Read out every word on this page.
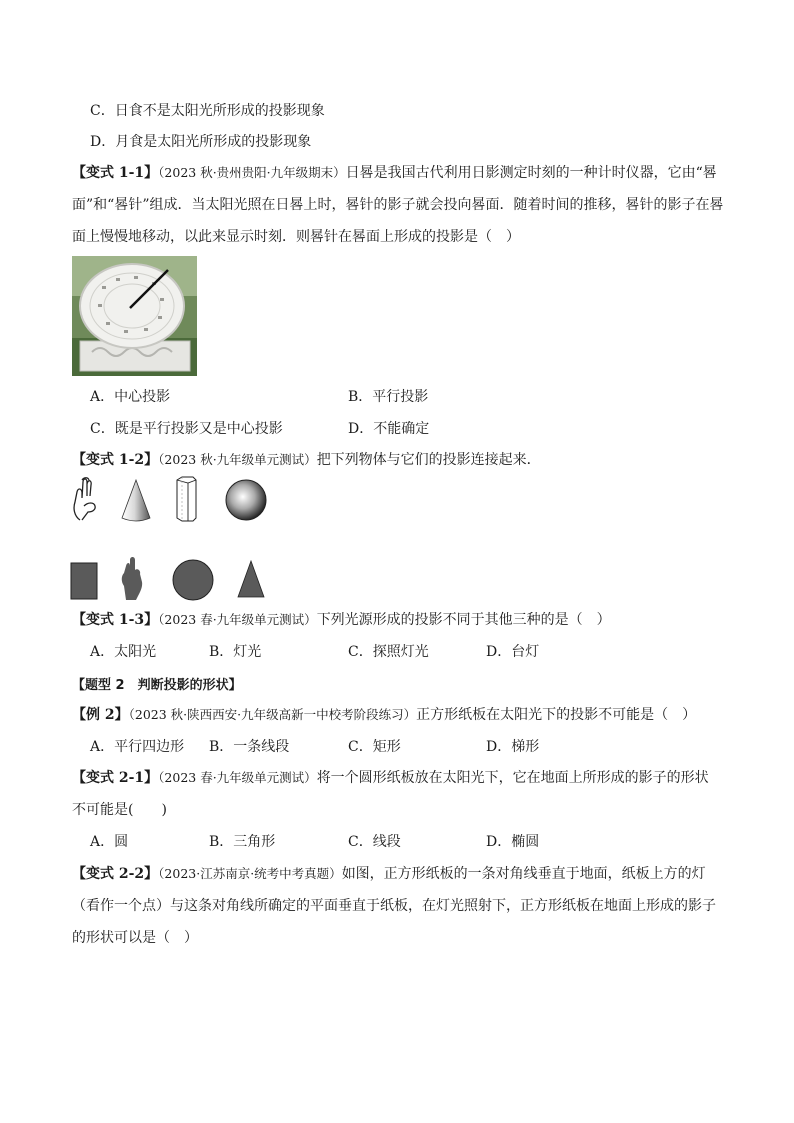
C．日食不是太阳光所形成的投影现象
D．月食是太阳光所形成的投影现象
【变式 1-1】（2023 秋·贵州贵阳·九年级期末）日晷是我国古代利用日影测定时刻的一种计时仪器，它由“晷
面”和“晷针”组成．当太阳光照在日晷上时，晷针的影子就会投向晷面．随着时间的推移，晷针的影子在晷
面上慢慢地移动，以此来显示时刻．则晷针在晷面上形成的投影是（　）
A．中心投影	B．平行投影
C．既是平行投影又是中心投影	D．不能确定
【变式 1-2】（2023 秋·九年级单元测试）把下列物体与它们的投影连接起来．
【变式 1-3】（2023 春·九年级单元测试）下列光源形成的投影不同于其他三种的是（　）
A．太阳光	B．灯光	C．探照灯光	D．台灯
【题型 2　判断投影的形状】
【例 2】（2023 秋·陕西西安·九年级高新一中校考阶段练习）正方形纸板在太阳光下的投影不可能是（　）
A．平行四边形 B．一条线段	C．矩形	D．梯形
【变式 2-1】（2023 春·九年级单元测试）将一个圆形纸板放在太阳光下，它在地面上所形成的影子的形状
不可能是(　　)
A．圆	B．三角形	C．线段	D．椭圆
【变式 2-2】（2023·江苏南京·统考中考真题）如图，正方形纸板的一条对角线垂直于地面，纸板上方的灯
（看作一个点）与这条对角线所确定的平面垂直于纸板，在灯光照射下，正方形纸板在地面上形成的影子
的形状可以是（　）
